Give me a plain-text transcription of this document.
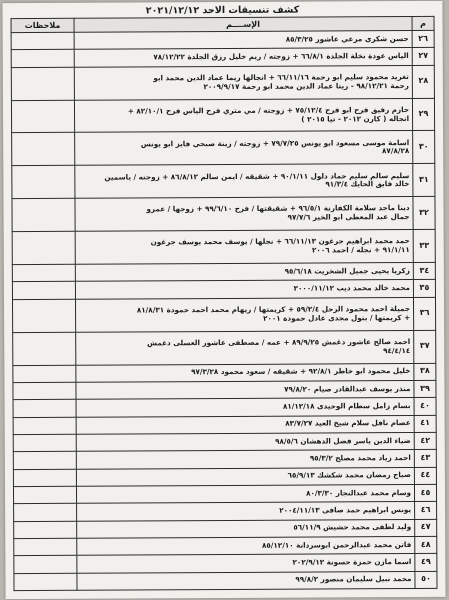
كشف تنسيقات الاحد ٢٠٢١/١٢/١٢
م	الإســــم	ملاحظات
٢٦	حسن شكري مرعي عاشور ٨٥/٣/٢٥	

٢٧	الياس عودة نخلة الجلدة ٦٦/٨/١ + زوجته / ريم خليل رزق الجلدة ٧٨/١٢/٢٢	

٢٨	تغريد محمود سليم ابو رحمة ٦٦/١١/١٦ + انجالها ريما عماد الدين محمد ابو
رحمة ٩٨/١٢/٢١ - ريتا عماد الدين محمد ابو رحمة ٢٠٠٩/٩/١٧	

٢٩	حازم رفيق فرح ابو فرح ٧٥/١٢/٤ + زوجته / مي متري فرح الياس فرح ٨٢/١٠/١ +
انجاله ( كارن ٢٠١٢ - تيا ٢٠١٥ )	

٣٠	اسامة موسى مسعود ابو يونس ٧٩/٧/٢٥ + زوجته / زينة صبحي فايز ابو يونس
٨٧/٨/٢٨	

٣١	سليم سالم سليم حماد دلول ٩٠/١/١١ + شقيقه / ايمن سالم ٨٦/٨/١٢ + زوجته / ياسمين
خالد فايق الحايك ٩١/٣/٤	

٣٢	دينا ماجد سلامة الكفارنة ٩٦/٥/١ + شقيقتها / فرح ٩٩/٦/١٠ + زوجها / عمرو
جمال عبد المعطى ابو الخير ٩٧/٧/٦	

٣٣	حمد محمد ابراهيم جرغون ٦٦/١١/١٣ + نجلها / يوسف محمد يوسف جرغون
٩١/١/١١ + نجله / احمد ٢٠٠٦	

٣٤	زكريا يحيى جميل الشخريت ٩٥/٦/١٨	

٣٥	محمد خالد محمد ديب ٢٠٠٠/١١/١٢	

٣٦	جميلة احمد محمود الرحل ٥٩/٢/٤ + كريمتها / ريهام محمد احمد حمودة ٨١/٨/٣١
+ كريمتها / بتول مجدى عادل حمودة ٢٠٠١	

٣٧	احمد صالح عاشور دغمش ٨٩/٩/٢٥ + عمه / مصطفى عاشور العسلى دغمش
٩٤/٤/١٤	

٣٨	خليل محمود ابو خاطر ٩٢/٨/١ + شقيقه / سعود محمود ٩٧/٣/٢٨	

٣٩	منذر يوسف عبدالقادر صيام ٧٩/٨/٢٠	

٤٠	بسام زامل سطام الوحيدى ٨١/١٢/١٨	

٤١	عصام نافل سلام شيخ العيد ٨٣/٧/٢٧	

٤٢	ضياء الدين ياسر فضل الدهشان ٩٨/٥/٦	

٤٣	احمد زياد محمد مصلح ٩٥/٣/٢	

٤٤	صباح رمضان محمد شكشك ٦٥/٩/١٣	

٤٥	وسام محمد عبدالنجار ٨٠/٣/٣٠	

٤٦	يونس ابراهيم حمد صافى ٢٠٠٤/١١/١٣	

٤٧	وليد لطفى محمد حشيش ٥٦/١١/٩	

٤٨	فاتن محمد عبدالرحمن ابوسردانة ٨٥/١٢/١٠	

٤٩	اسما مازن حمزة حسونة ٢٠٢/٩/١٢	

٥٠	محمد نبيل سليمان منصور ٩٩/٨/٢	
